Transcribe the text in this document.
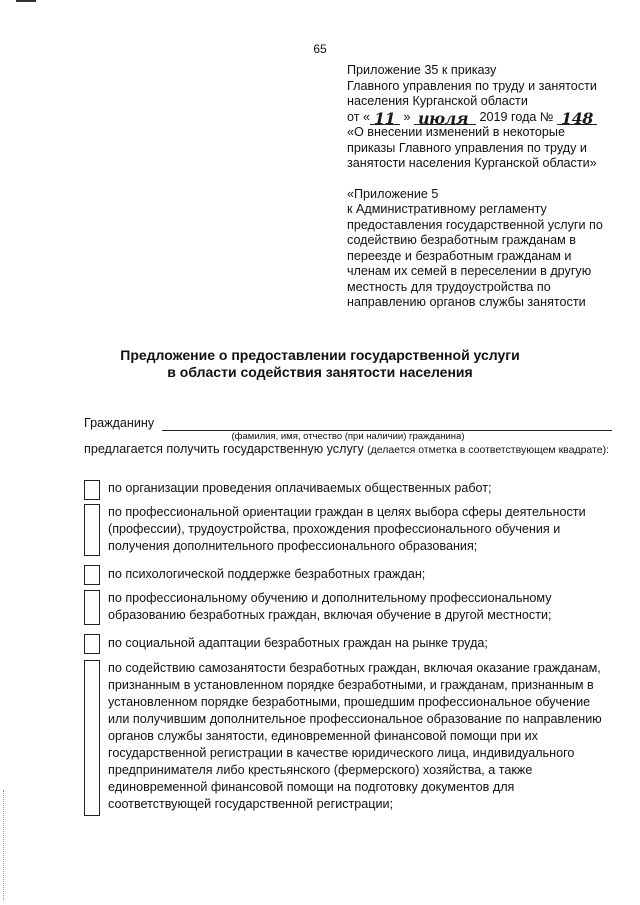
65
Приложение 35 к приказу
Главного управления по труду и занятости
населения Курганской области
от « 11 » июля 2019 года № 148
«О внесении изменений в некоторые
приказы Главного управления по труду и
занятости населения Курганской области»
«Приложение 5
к Административному регламенту
предоставления государственной услуги по
содействию безработным гражданам в
переезде и безработным гражданам и
членам их семей в переселении в другую
местность для трудоустройства по
направлению органов службы занятости
Предложение о предоставлении государственной услуги
в области содействия занятости населения
Гражданину
(фамилия, имя, отчество (при наличии) гражданина)
предлагается получить государственную услугу (делается отметка в соответствующем квадрате):
по организации проведения оплачиваемых общественных работ;
по профессиональной ориентации граждан в целях выбора сферы деятельности
(профессии), трудоустройства, прохождения профессионального обучения и
получения дополнительного профессионального образования;
по психологической поддержке безработных граждан;
по профессиональному обучению и дополнительному профессиональному
образованию безработных граждан, включая обучение в другой местности;
по социальной адаптации безработных граждан на рынке труда;
по содействию самозанятости безработных граждан, включая оказание гражданам,
признанным в установленном порядке безработными, и гражданам, признанным в
установленном порядке безработными, прошедшим профессиональное обучение
или получившим дополнительное профессиональное образование по направлению
органов службы занятости, единовременной финансовой помощи при их
государственной регистрации в качестве юридического лица, индивидуального
предпринимателя либо крестьянского (фермерского) хозяйства, а также
единовременной финансовой помощи на подготовку документов для
соответствующей государственной регистрации;
